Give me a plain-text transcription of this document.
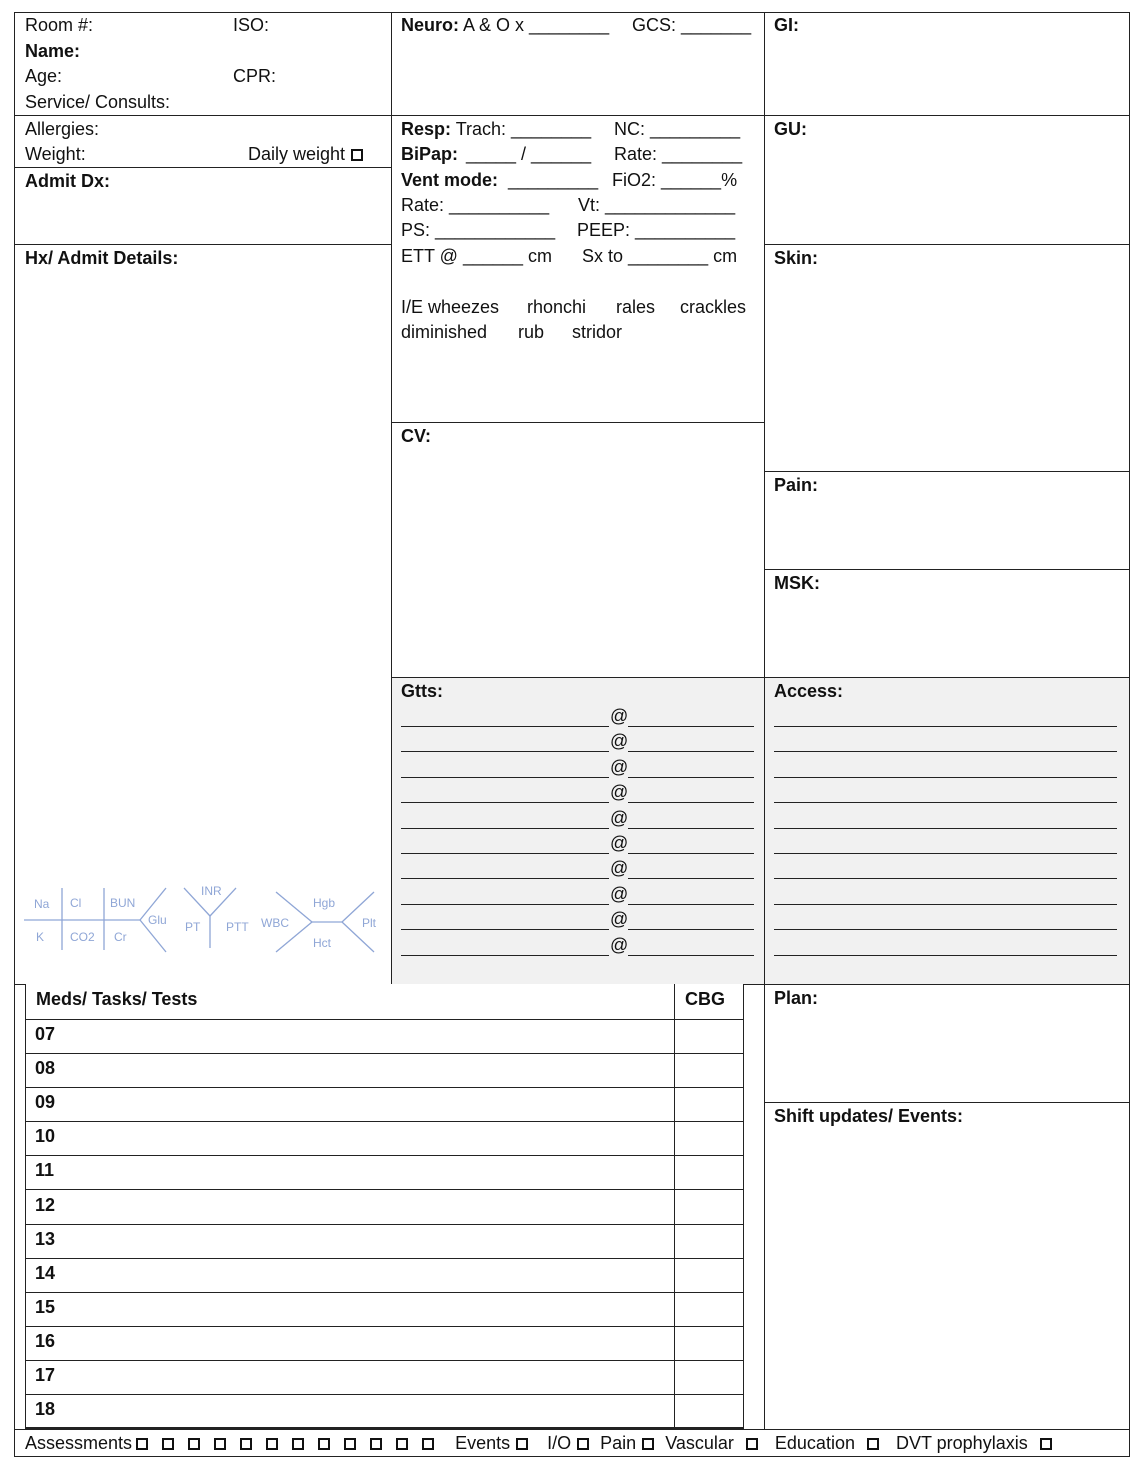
Room #:	ISO:
Name:
Age:	CPR:
Service/ Consults:
Allergies:
Weight:	Daily weight
Admit Dx:
Hx/ Admit Details:
Na Cl BUN
Glu
K CO2 Cr
INR
PT PTT WBC
Hgb
Hct
Plt
Neuro: A & O x ________ GCS: _______
Resp: Trach: ________ NC: _________
BiPap: _____ / ______ Rate: ________
Vent mode: _________ FiO2: ______%
Rate: __________ Vt: _____________
PS: ____________ PEEP: __________
ETT @ ______ cm Sx to ________ cm
I/E wheezes rhonchi rales crackles
diminished rub stridor
CV:
Gtts:
@
@
@
@
@
@
@
@
@
@
GI:
GU:
Skin:
Pain:
MSK:
Access:
Meds/ Tasks/ Tests	CBG
07
08
09
10
11
12
13
14
15
16
17
18
Plan:
Shift updates/ Events:
Assessments	Events I/O Pain Vascular Education DVT prophylaxis
